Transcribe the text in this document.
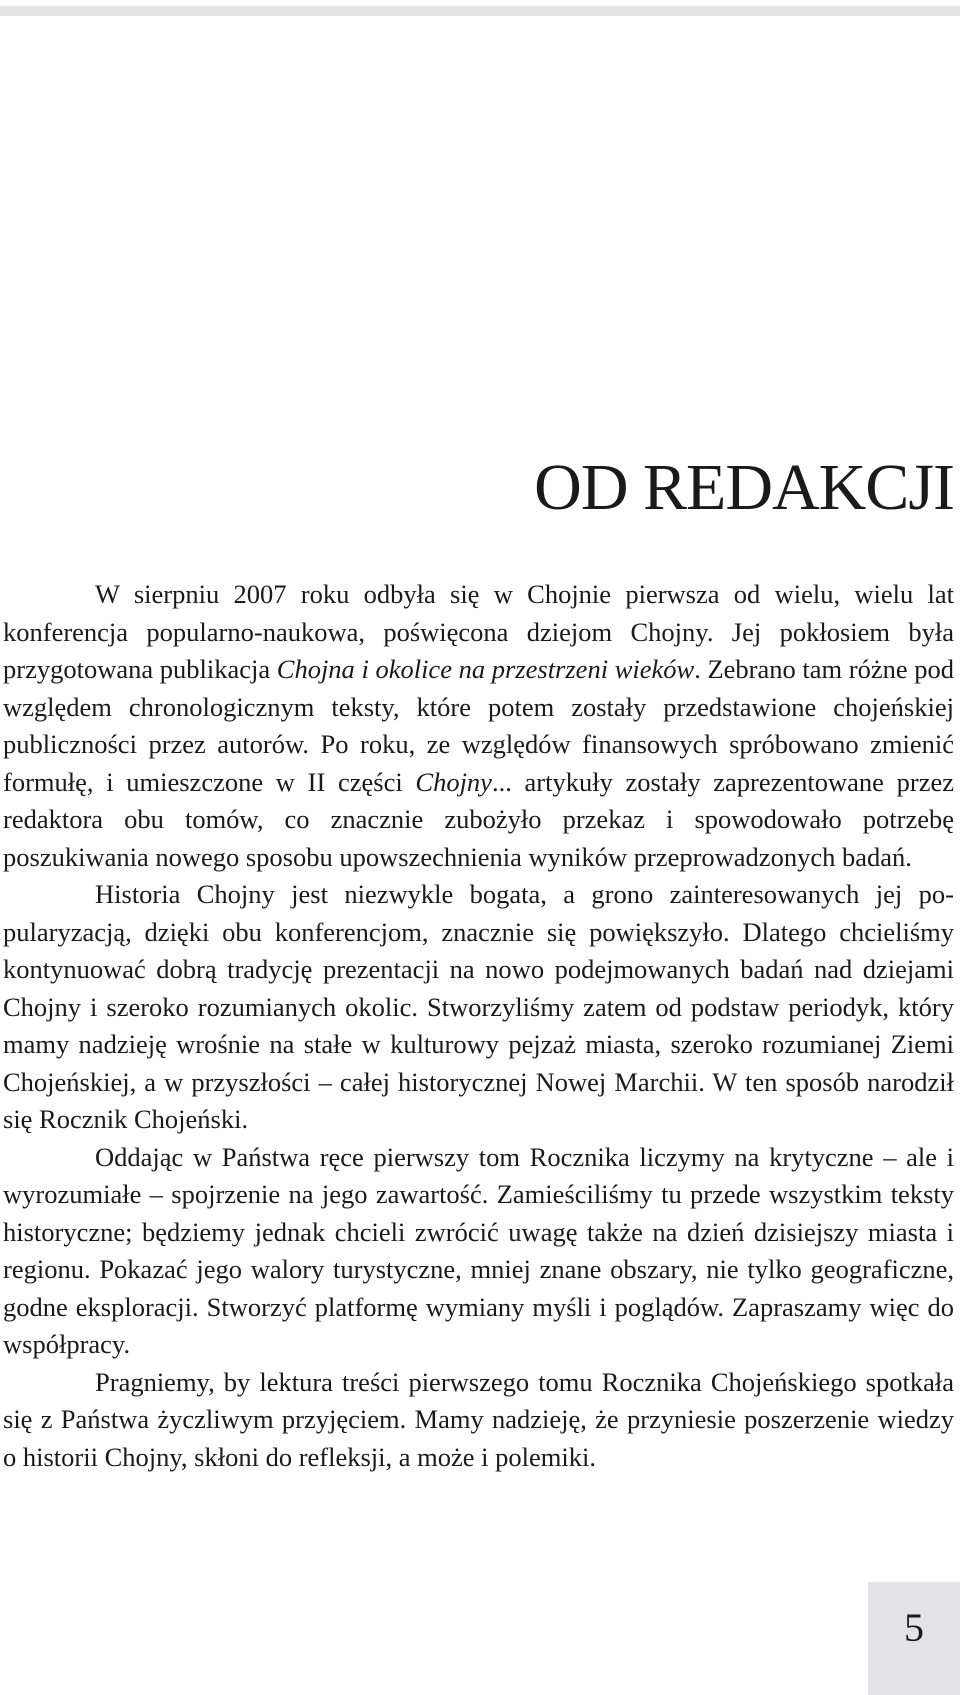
OD REDAKCJI

W sierpniu 2007 roku odbyła się w Chojnie pierwsza od wielu, wielu lat konferencja popularno-naukowa, poświęcona dziejom Chojny. Jej pokłosiem była przygotowana publikacja Chojna i okolice na przestrzeni wieków. Zebrano tam różne pod względem chronologicznym teksty, które potem zostały przedstawione chojeńskiej publiczności przez autorów. Po roku, ze względów finansowych spróbowano zmienić formułę, i umieszczone w II części Chojny... artykuły zostały zaprezentowane przez redaktora obu tomów, co znacznie zubożyło przekaz i spowodowało potrzebę poszukiwania nowego sposobu upowszechnienia wyników przeprowadzonych badań.

Historia Chojny jest niezwykle bogata, a grono zainteresowanych jej popularyzacją, dzięki obu konferencjom, znacznie się powiększyło. Dlatego chcieliśmy kontynuować dobrą tradycję prezentacji na nowo podejmowanych badań nad dziejami Chojny i szeroko rozumianych okolic. Stworzyliśmy zatem od podstaw periodyk, który mamy nadzieję wrośnie na stałe w kulturowy pejzaż miasta, szeroko rozumianej Ziemi Chojeńskiej, a w przyszłości – całej historycznej Nowej Marchii. W ten sposób narodził się Rocznik Chojeński.

Oddając w Państwa ręce pierwszy tom Rocznika liczymy na krytyczne – ale i wyrozumiałe – spojrzenie na jego zawartość. Zamieściliśmy tu przede wszystkim teksty historyczne; będziemy jednak chcieli zwrócić uwagę także na dzień dzisiejszy miasta i regionu. Pokazać jego walory turystyczne, mniej znane obszary, nie tylko geograficzne, godne eksploracji. Stworzyć platformę wymiany myśli i poglądów. Zapraszamy więc do współpracy.

Pragniemy, by lektura treści pierwszego tomu Rocznika Chojeńskiego spotkała się z Państwa życzliwym przyjęciem. Mamy nadzieję, że przyniesie poszerzenie wiedzy o historii Chojny, skłoni do refleksji, a może i polemiki.

5
